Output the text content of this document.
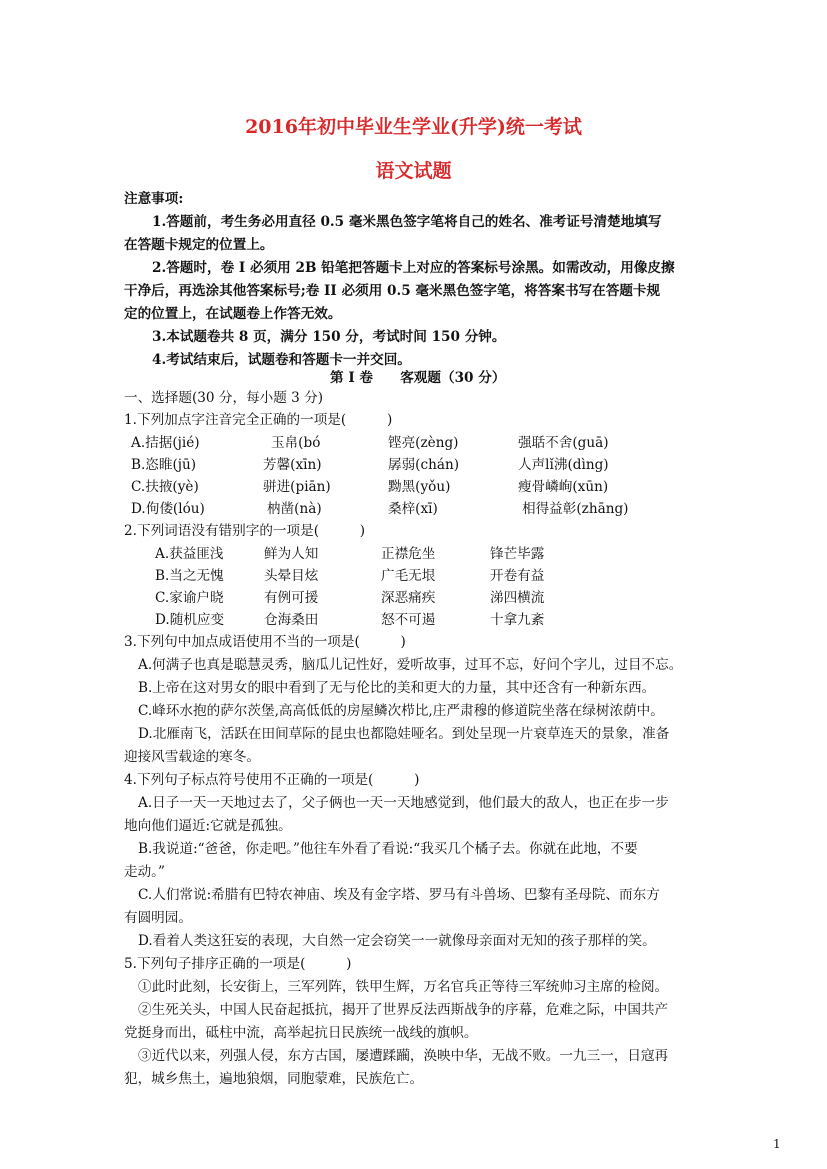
2016年初中毕业生学业(升学)统一考试
语文试题
注意事项:
1.答题前，考生务必用直径 0.5 毫米黑色签字笔将自己的姓名、准考证号清楚地填写
在答题卡规定的位置上。
2.答题时，卷 I 必须用 2B 铅笔把答题卡上对应的答案标号涂黑。如需改动，用像皮擦
干净后，再选涂其他答案标号;卷 II 必须用 0.5 毫米黑色签字笔，将答案书写在答题卡规
定的位置上，在试题卷上作答无效。
3.本试题卷共 8 页，满分 150 分，考试时间 150 分钟。
4.考试结束后，试题卷和答题卡一并交回。
第 I 卷　　客观题（30 分）
一、选择题(30 分，每小题 3 分)
1.下列加点字注音完全正确的一项是(　　　)
A.拮据(jié)	玉帛(bó	铿亮(zèng)	强聒不舍(guā)
B.恣睢(jū)	芳馨(xīn)	孱弱(chán)	人声lǐ沸(dìng)
C.扶掖(yè)	骈进(piān)	黝黑(yǒu)	瘦骨嶙峋(xūn)
D.佝偻(lóu)	枘凿(nà)	桑梓(xī)	相得益彰(zhāng)
2.下列词语没有错别字的一项是(　　　)
A.获益匪浅	鲜为人知	正襟危坐	锋芒毕露
B.当之无愧	头晕目炫	广毛无垠	开卷有益
C.家谕户晓	有例可援	深恶痛疾	涕四横流
D.随机应变	仓海桑田	怒不可遏	十拿九紊
3.下列句中加点成语使用不当的一项是(　　　)
A.何满子也真是聪慧灵秀，脑瓜儿记性好，爱听故事，过耳不忘，好问个字儿，过目不忘。
B.上帝在这对男女的眼中看到了无与伦比的美和更大的力量，其中还含有一种新东西。
C.峰环水抱的萨尔茨堡,高高低低的房屋鳞次栉比,庄严肃穆的修道院坐落在绿树浓荫中。
D.北雁南飞，活跃在田间草际的昆虫也都隐娃哑名。到处呈现一片衰草连天的景象，准备
迎接风雪载途的寒冬。
4.下列句子标点符号使用不正确的一项是(　　　)
A.日子一天一天地过去了，父子俩也一天一天地感觉到，他们最大的敌人，也正在步一步
地向他们逼近:它就是孤独。
B.我说道:“爸爸，你走吧。”他往车外看了看说:“我买几个橘子去。你就在此地，不要
走动。”
C.人们常说:希腊有巴特农神庙、埃及有金字塔、罗马有斗兽场、巴黎有圣母院、而东方
有圆明园。
D.看着人类这狂妄的表现，大自然一定会窃笑一一就像母亲面对无知的孩子那样的笑。
5.下列句子排序正确的一项是(　　　)
①此时此刻，长安街上，三军列阵，铁甲生辉，万名官兵正等待三军统帅习主席的检阅。
②生死关头，中国人民奋起抵抗，揭开了世界反法西斯战争的序幕，危难之际，中国共产
党挺身而出，砥柱中流，高举起抗日民族统一战线的旗帜。
③近代以来，列强人侵，东方古国，屡遭蹂躏，涣映中华，无战不败。一九三一，日寇再
犯，城乡焦土，遍地狼烟，同胞蒙难，民族危亡。
1
